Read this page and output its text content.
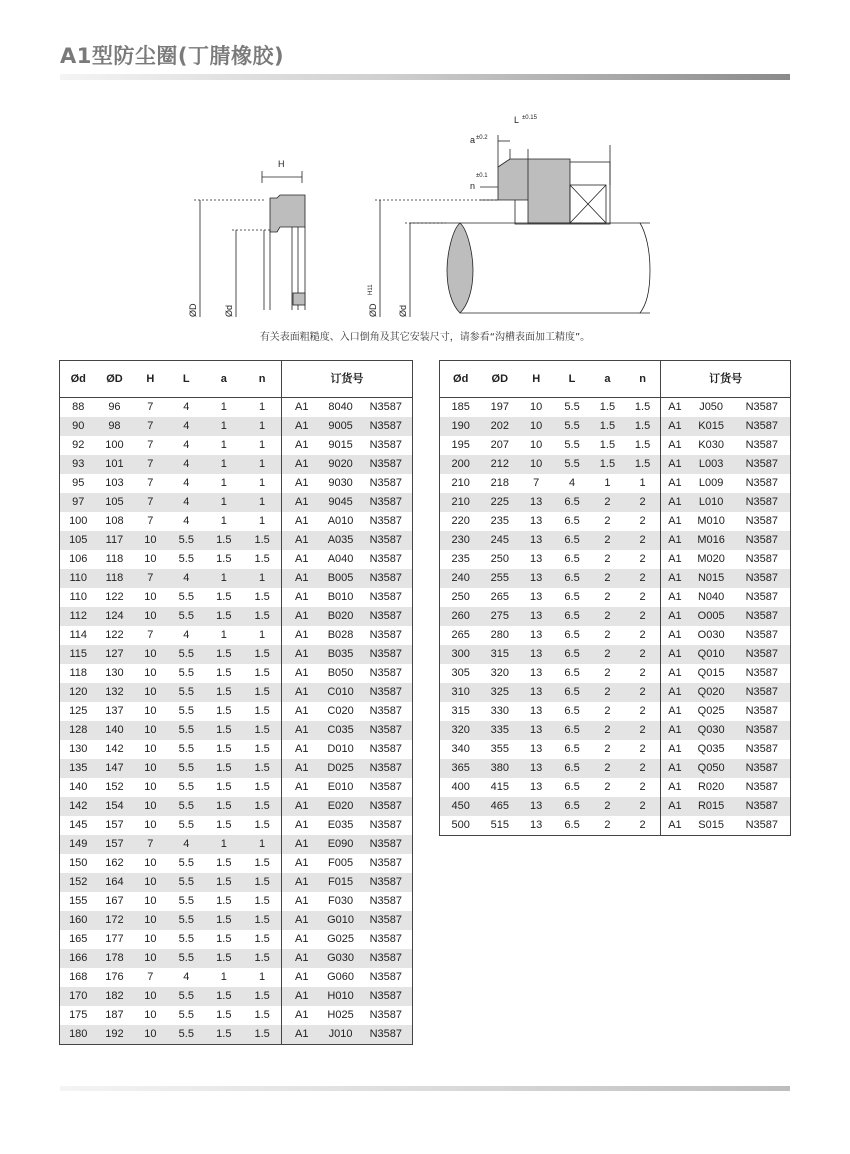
A1型防尘圈(丁腈橡胶)
H
ØD	Ød
L ±0.15
a ±0.2
n
±0.1
ØD
H11
Ød
有关表面粗糙度、入口倒角及其它安装尺寸，请参看“沟槽表面加工精度”。
Ød	ØD	H	L	a	n	订货号		
88	96	7	4	1	1	A1	8040	N3587
90	98	7	4	1	1	A1	9005	N3587
92	100	7	4	1	1	A1	9015	N3587
93	101	7	4	1	1	A1	9020	N3587
95	103	7	4	1	1	A1	9030	N3587
97	105	7	4	1	1	A1	9045	N3587
100	108	7	4	1	1	A1	A010	N3587
105	117	10	5.5	1.5	1.5	A1	A035	N3587
106	118	10	5.5	1.5	1.5	A1	A040	N3587
110	118	7	4	1	1	A1	B005	N3587
110	122	10	5.5	1.5	1.5	A1	B010	N3587
112	124	10	5.5	1.5	1.5	A1	B020	N3587
114	122	7	4	1	1	A1	B028	N3587
115	127	10	5.5	1.5	1.5	A1	B035	N3587
118	130	10	5.5	1.5	1.5	A1	B050	N3587
120	132	10	5.5	1.5	1.5	A1	C010	N3587
125	137	10	5.5	1.5	1.5	A1	C020	N3587
128	140	10	5.5	1.5	1.5	A1	C035	N3587
130	142	10	5.5	1.5	1.5	A1	D010	N3587
135	147	10	5.5	1.5	1.5	A1	D025	N3587
140	152	10	5.5	1.5	1.5	A1	E010	N3587
142	154	10	5.5	1.5	1.5	A1	E020	N3587
145	157	10	5.5	1.5	1.5	A1	E035	N3587
149	157	7	4	1	1	A1	E090	N3587
150	162	10	5.5	1.5	1.5	A1	F005	N3587
152	164	10	5.5	1.5	1.5	A1	F015	N3587
155	167	10	5.5	1.5	1.5	A1	F030	N3587
160	172	10	5.5	1.5	1.5	A1	G010	N3587
165	177	10	5.5	1.5	1.5	A1	G025	N3587
166	178	10	5.5	1.5	1.5	A1	G030	N3587
168	176	7	4	1	1	A1	G060	N3587
170	182	10	5.5	1.5	1.5	A1	H010	N3587
175	187	10	5.5	1.5	1.5	A1	H025	N3587
180	192	10	5.5	1.5	1.5	A1	J010	N3587
Ød	ØD	H	L	a	n	订货号		
185	197	10	5.5	1.5	1.5	A1	J050	N3587
190	202	10	5.5	1.5	1.5	A1	K015	N3587
195	207	10	5.5	1.5	1.5	A1	K030	N3587
200	212	10	5.5	1.5	1.5	A1	L003	N3587
210	218	7	4	1	1	A1	L009	N3587
210	225	13	6.5	2	2	A1	L010	N3587
220	235	13	6.5	2	2	A1	M010	N3587
230	245	13	6.5	2	2	A1	M016	N3587
235	250	13	6.5	2	2	A1	M020	N3587
240	255	13	6.5	2	2	A1	N015	N3587
250	265	13	6.5	2	2	A1	N040	N3587
260	275	13	6.5	2	2	A1	O005	N3587
265	280	13	6.5	2	2	A1	O030	N3587
300	315	13	6.5	2	2	A1	Q010	N3587
305	320	13	6.5	2	2	A1	Q015	N3587
310	325	13	6.5	2	2	A1	Q020	N3587
315	330	13	6.5	2	2	A1	Q025	N3587
320	335	13	6.5	2	2	A1	Q030	N3587
340	355	13	6.5	2	2	A1	Q035	N3587
365	380	13	6.5	2	2	A1	Q050	N3587
400	415	13	6.5	2	2	A1	R020	N3587
450	465	13	6.5	2	2	A1	R015	N3587
500	515	13	6.5	2	2	A1	S015	N3587
